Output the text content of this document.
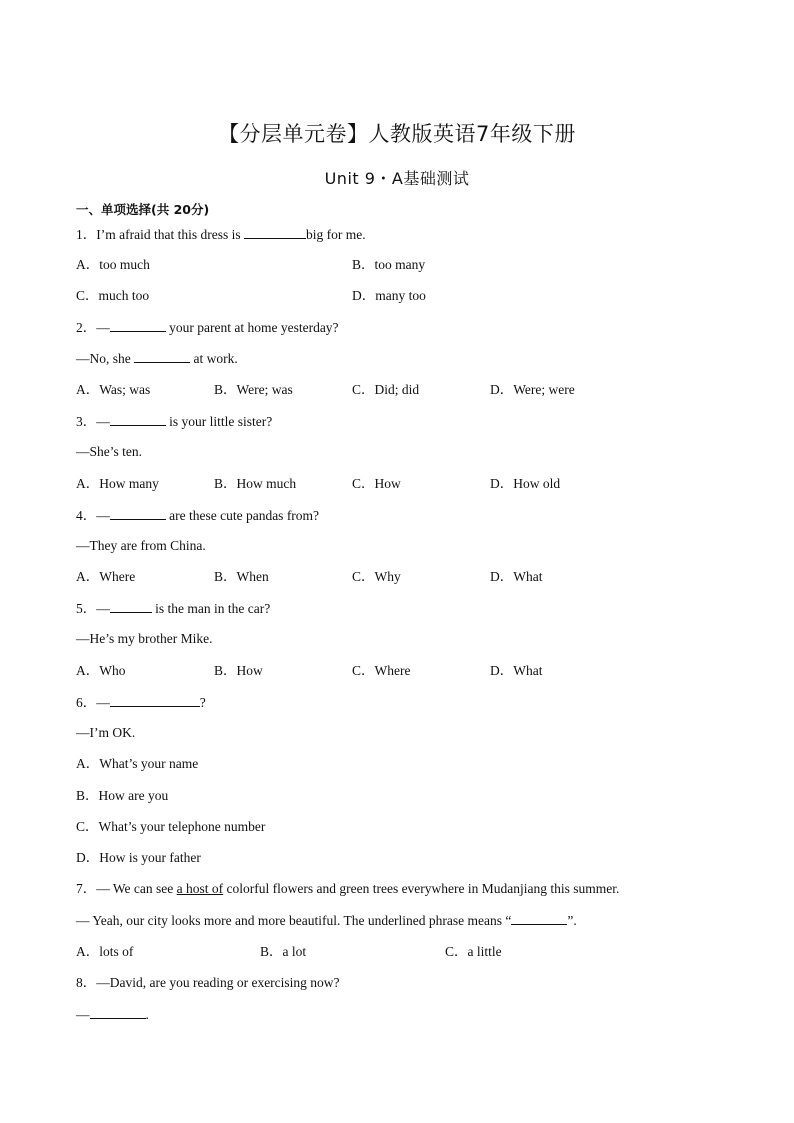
【分层单元卷】人教版英语7年级下册
Unit 9・A基础测试
一、单项选择(共 20分)
1．I’m afraid that this dress is	big for me.
A．too much	B．too many
C．much too	D．many too
2．—	your parent at home yesterday?
—No, she	at work.
A．Was; was	B．Were; was	C．Did; did	D．Were; were
3．—	is your little sister?
—She’s ten.
A．How many	B．How much	C．How	D．How old
4．—	are these cute pandas from?
—They are from China.
A．Where	B．When	C．Why	D．What
5．—	is the man in the car?
—He’s my brother Mike.
A．Who	B．How	C．Where	D．What
6．—	?
—I’m OK.
A．What’s your name
B．How are you
C．What’s your telephone number
D．How is your father
7．— We can see a host of colorful flowers and green trees everywhere in Mudanjiang this summer.
— Yeah, our city looks more and more beautiful. The underlined phrase means “	”.
A．lots of	B．a lot	C．a little
8．—David, are you reading or exercising now?
—	.
